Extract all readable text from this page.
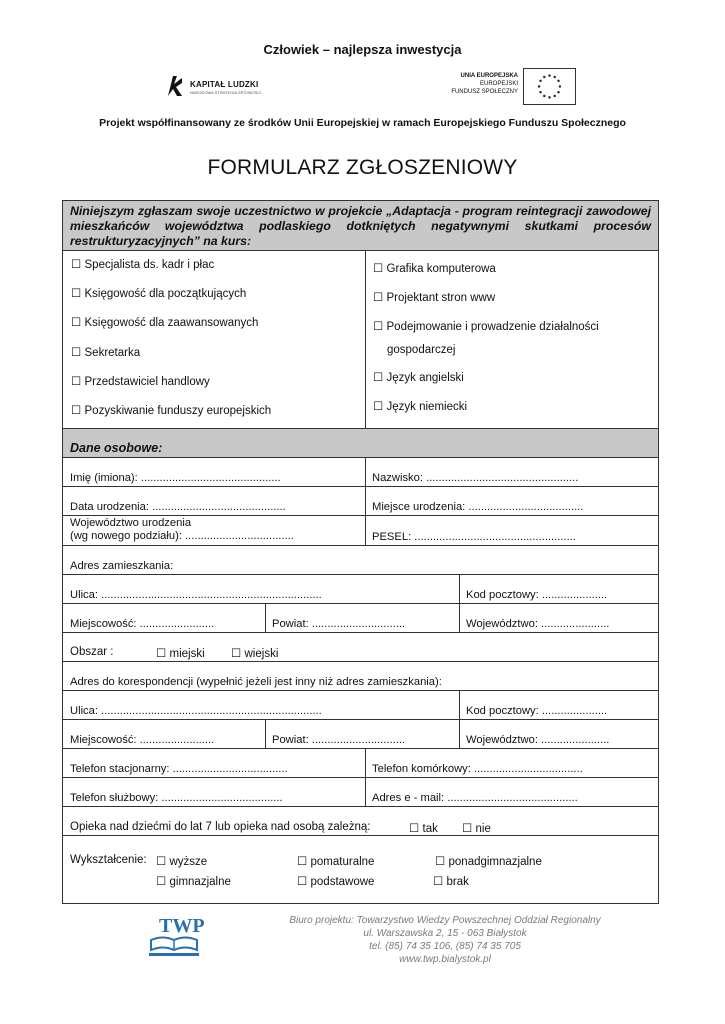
Człowiek – najlepsza inwestycja
KAPITAŁ LUDZKI
NARODOWA STRATEGIA SPÓJNOŚCI
UNIA EUROPEJSKA
EUROPEJSKI
FUNDUSZ SPOŁECZNY
Projekt współfinansowany ze środków Unii Europejskiej w ramach Europejskiego Funduszu Społecznego
FORMULARZ ZGŁOSZENIOWY
Niniejszym zgłaszam swoje uczestnictwo w projekcie „Adaptacja - program reintegracji zawodowej mieszkańców województwa podlaskiego dotkniętych negatywnymi skutkami procesów restrukturyzacyjnych” na kurs:
☐ Specjalista ds. kadr i płac
☐ Księgowość dla początkujących
☐ Księgowość dla zaawansowanych
☐ Sekretarka
☐ Przedstawiciel handlowy
☐ Pozyskiwanie funduszy europejskich
☐ Grafika komputerowa
☐ Projektant stron www
☐ Podejmowanie i prowadzenie działalności
gospodarczej
☐ Język angielski
☐ Język niemiecki
Dane osobowe:
Imię (imiona): .............................................	Nazwisko: .................................................
Data urodzenia: ...........................................	Miejsce urodzenia: .....................................
Województwo urodzenia
(wg nowego podziału): ...................................	PESEL: ....................................................
Adres zamieszkania:
Ulica: .......................................................................	Kod pocztowy: .....................
Miejscowość: ........................	Powiat: ..............................	Województwo: ......................
Obszar :	☐ miejski ☐ wiejski
Adres do korespondencji (wypełnić jeżeli jest inny niż adres zamieszkania):
Ulica: .......................................................................	Kod pocztowy: .....................
Miejscowość: ........................	Powiat: ..............................	Województwo: ......................
Telefon stacjonarny: .....................................	Telefon komórkowy: ...................................
Telefon służbowy: .......................................	Adres e - mail: ..........................................
Opieka nad dziećmi do lat 7 lub opieka nad osobą zależną:	☐ tak ☐ nie
Wykształcenie: ☐ wyższe	☐ pomaturalne	☐ ponadgimnazjalne
☐ gimnazjalne	☐ podstawowe	☐ brak
TWP	Biuro projektu: Towarzystwo Wiedzy Powszechnej Oddział Regionalny
ul. Warszawska 2, 15 - 063 Białystok
tel. (85) 74 35 106, (85) 74 35 705
www.twp.bialystok.pl
